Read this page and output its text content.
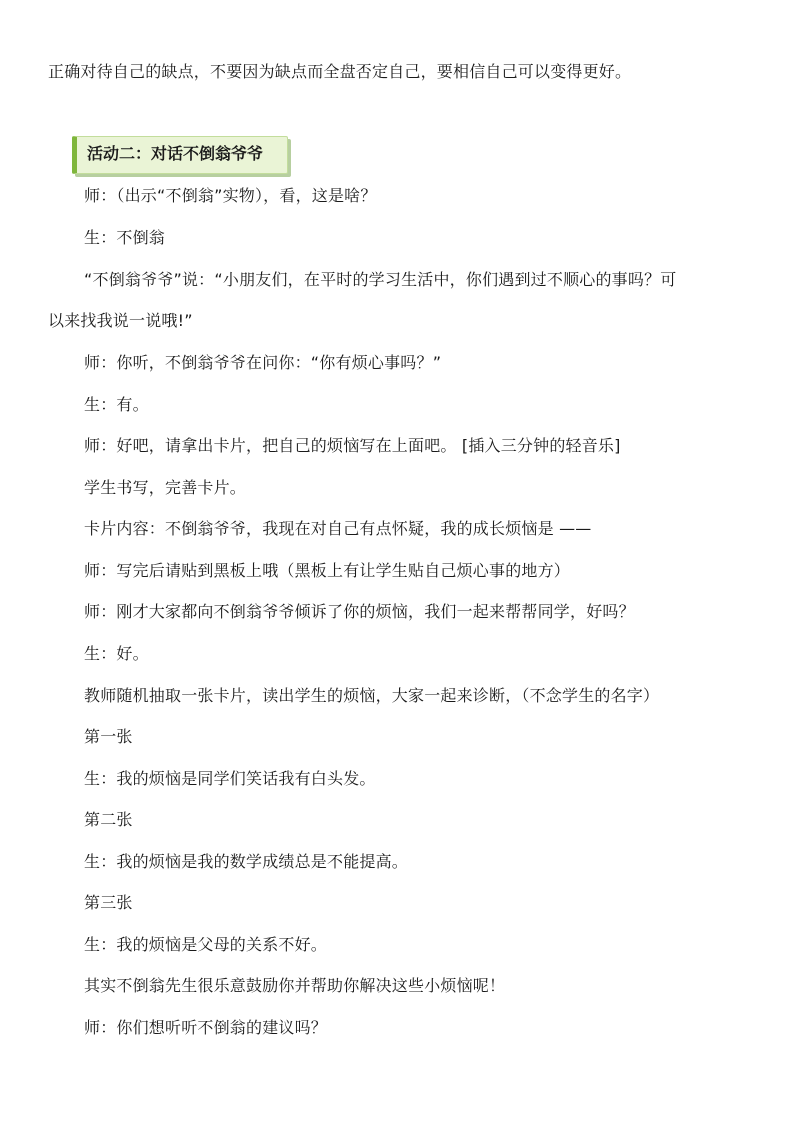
正确对待自己的缺点，不要因为缺点而全盘否定自己，要相信自己可以变得更好。
活动二：对话不倒翁爷爷
师：（出示“不倒翁”实物），看，这是啥？
生：不倒翁
“不倒翁爷爷”说：“小朋友们，在平时的学习生活中，你们遇到过不顺心的事吗？可
以来找我说一说哦!”
师：你听，不倒翁爷爷在问你：“你有烦心事吗？”
生：有。
师：好吧，请拿出卡片，把自己的烦恼写在上面吧。 [插入三分钟的轻音乐]
学生书写，完善卡片。
卡片内容：不倒翁爷爷，我现在对自己有点怀疑，我的成长烦恼是 ——
师：写完后请贴到黑板上哦（黑板上有让学生贴自己烦心事的地方）
师：刚才大家都向不倒翁爷爷倾诉了你的烦恼，我们一起来帮帮同学，好吗？
生：好。
教师随机抽取一张卡片，读出学生的烦恼，大家一起来诊断，（不念学生的名字）
第一张
生：我的烦恼是同学们笑话我有白头发。
第二张
生：我的烦恼是我的数学成绩总是不能提高。
第三张
生：我的烦恼是父母的关系不好。
其实不倒翁先生很乐意鼓励你并帮助你解决这些小烦恼呢！
师：你们想听听不倒翁的建议吗？
